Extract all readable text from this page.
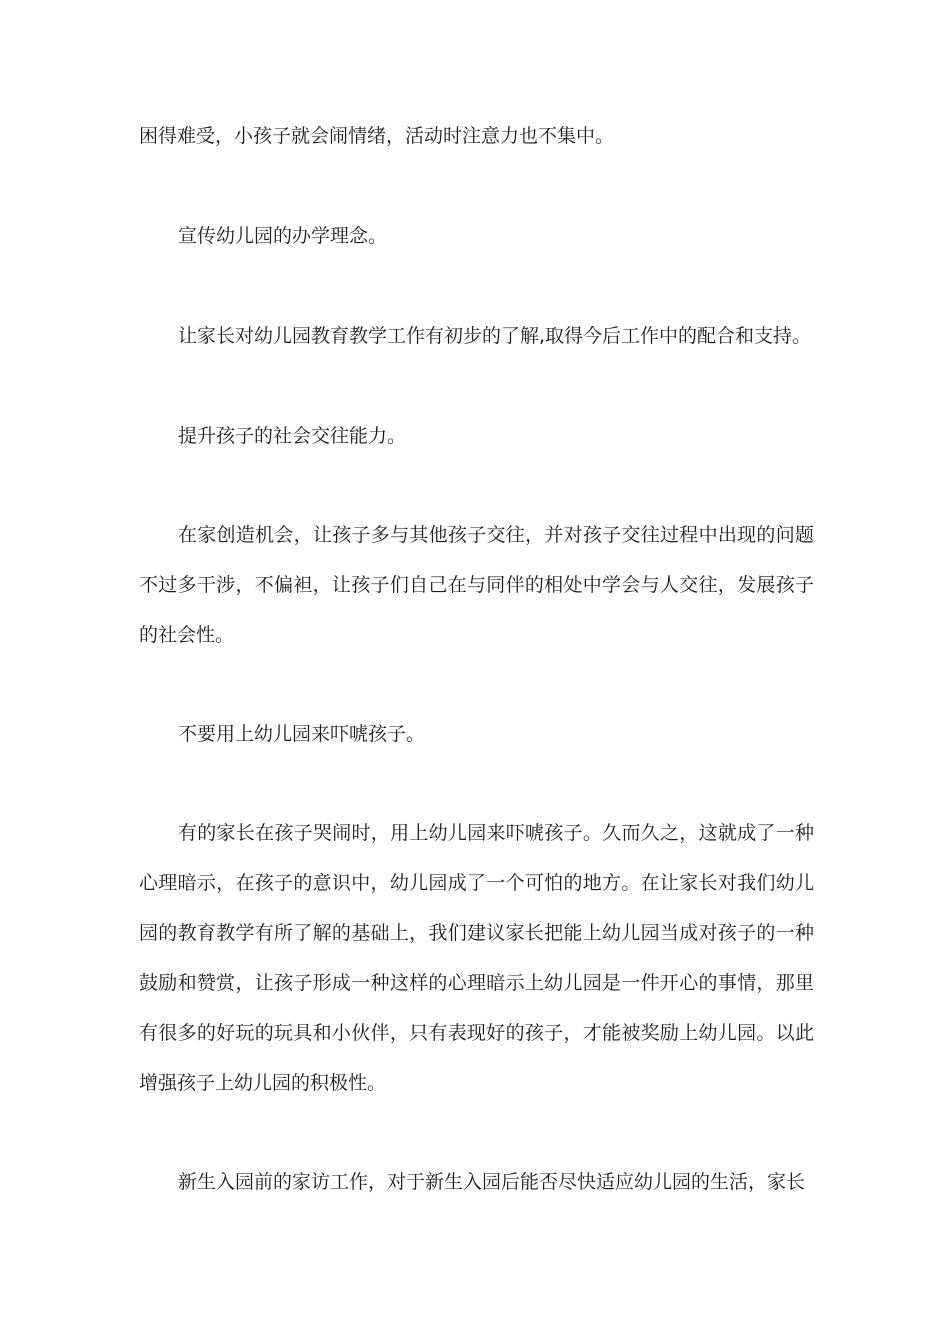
困得难受，小孩子就会闹情绪，活动时注意力也不集中。

宣传幼儿园的办学理念。

让家长对幼儿园教育教学工作有初步的了解,取得今后工作中的配合和支持。

提升孩子的社会交往能力。

在家创造机会，让孩子多与其他孩子交往，并对孩子交往过程中出现的问题不过多干涉，不偏袒，让孩子们自己在与同伴的相处中学会与人交往，发展孩子的社会性。

不要用上幼儿园来吓唬孩子。

有的家长在孩子哭闹时，用上幼儿园来吓唬孩子。久而久之，这就成了一种心理暗示，在孩子的意识中，幼儿园成了一个可怕的地方。在让家长对我们幼儿园的教育教学有所了解的基础上，我们建议家长把能上幼儿园当成对孩子的一种鼓励和赞赏，让孩子形成一种这样的心理暗示上幼儿园是一件开心的事情，那里有很多的好玩的玩具和小伙伴，只有表现好的孩子，才能被奖励上幼儿园。以此增强孩子上幼儿园的积极性。

新生入园前的家访工作，对于新生入园后能否尽快适应幼儿园的生活，家长
